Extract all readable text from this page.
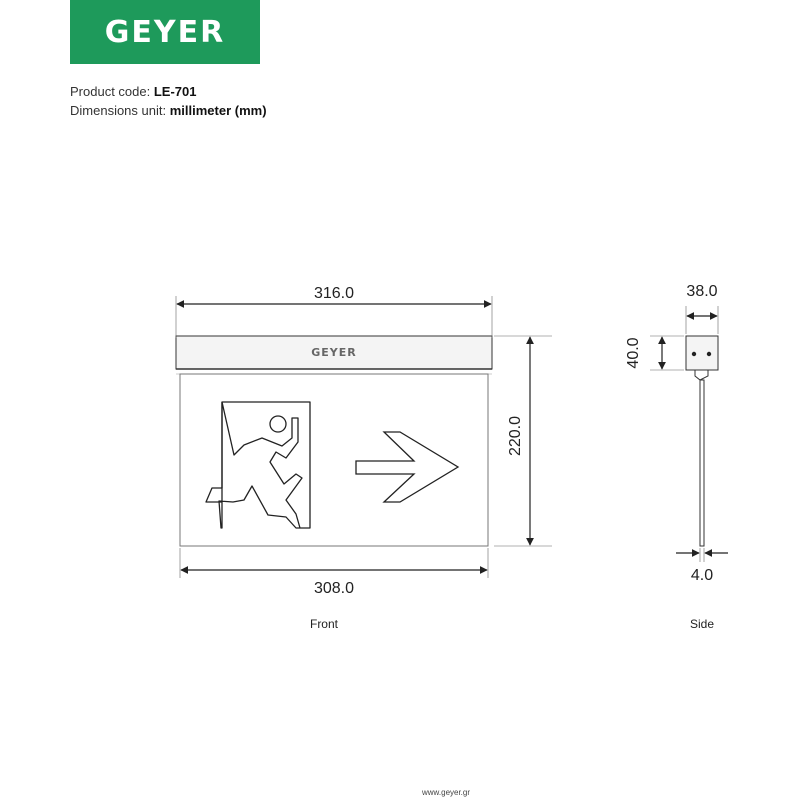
GEYER
Product code: LE-701
Dimensions unit: millimeter (mm)
GEYER
316.0
308.0
220.0
Front
38.0
40.0
4.0
Side
www.geyer.gr
